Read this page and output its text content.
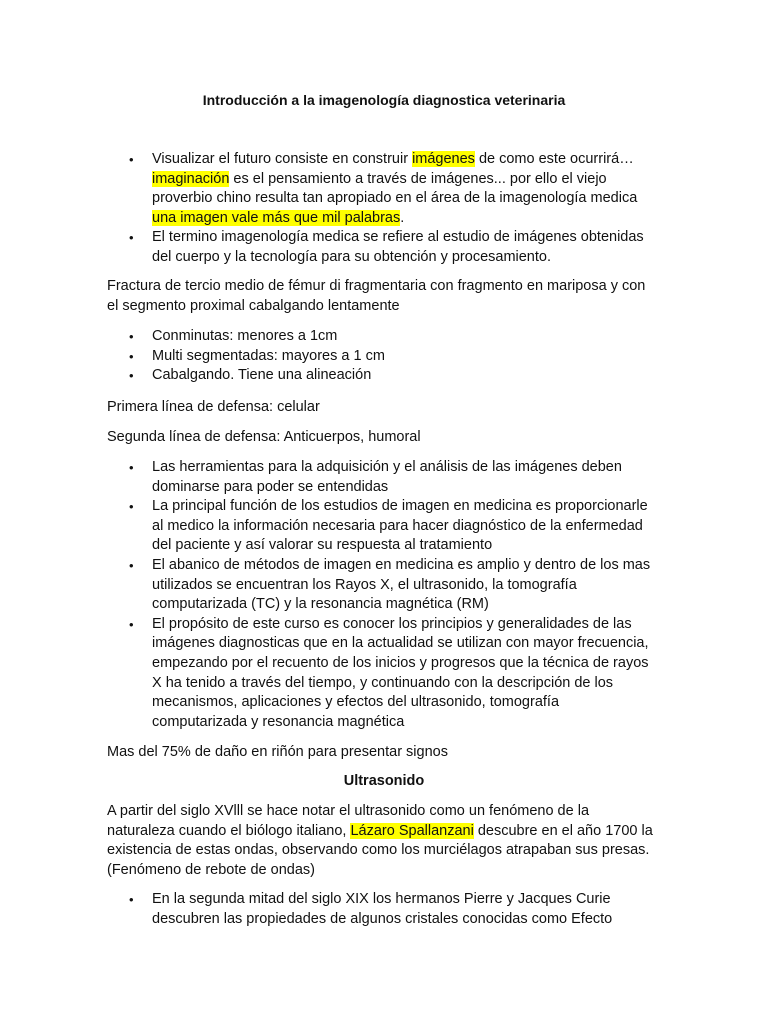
Introducción a la imagenología diagnostica veterinaria
• Visualizar el futuro consiste en construir imágenes de como este ocurrirá… imaginación es el pensamiento a través de imágenes... por ello el viejo proverbio chino resulta tan apropiado en el área de la imagenología medica una imagen vale más que mil palabras.
• El termino imagenología medica se refiere al estudio de imágenes obtenidas del cuerpo y la tecnología para su obtención y procesamiento.

Fractura de tercio medio de fémur di fragmentaria con fragmento en mariposa y con el segmento proximal cabalgando lentamente

• Conminutas: menores a 1cm
• Multi segmentadas: mayores a 1 cm
• Cabalgando. Tiene una alineación

Primera línea de defensa: celular

Segunda línea de defensa: Anticuerpos, humoral

• Las herramientas para la adquisición y el análisis de las imágenes deben dominarse para poder se entendidas
• La principal función de los estudios de imagen en medicina es proporcionarle al medico la información necesaria para hacer diagnóstico de la enfermedad del paciente y así valorar su respuesta al tratamiento
• El abanico de métodos de imagen en medicina es amplio y dentro de los mas utilizados se encuentran los Rayos X, el ultrasonido, la tomografía computarizada (TC) y la resonancia magnética (RM)
• El propósito de este curso es conocer los principios y generalidades de las imágenes diagnosticas que en la actualidad se utilizan con mayor frecuencia, empezando por el recuento de los inicios y progresos que la técnica de rayos X ha tenido a través del tiempo, y continuando con la descripción de los mecanismos, aplicaciones y efectos del ultrasonido, tomografía computarizada y resonancia magnética

Mas del 75% de daño en riñón para presentar signos

Ultrasonido

A partir del siglo XVlll se hace notar el ultrasonido como un fenómeno de la naturaleza cuando el biólogo italiano, Lázaro Spallanzani descubre en el año 1700 la existencia de estas ondas, observando como los murciélagos atrapaban sus presas. (Fenómeno de rebote de ondas)

• En la segunda mitad del siglo XIX los hermanos Pierre y Jacques Curie descubren las propiedades de algunos cristales conocidas como Efecto
